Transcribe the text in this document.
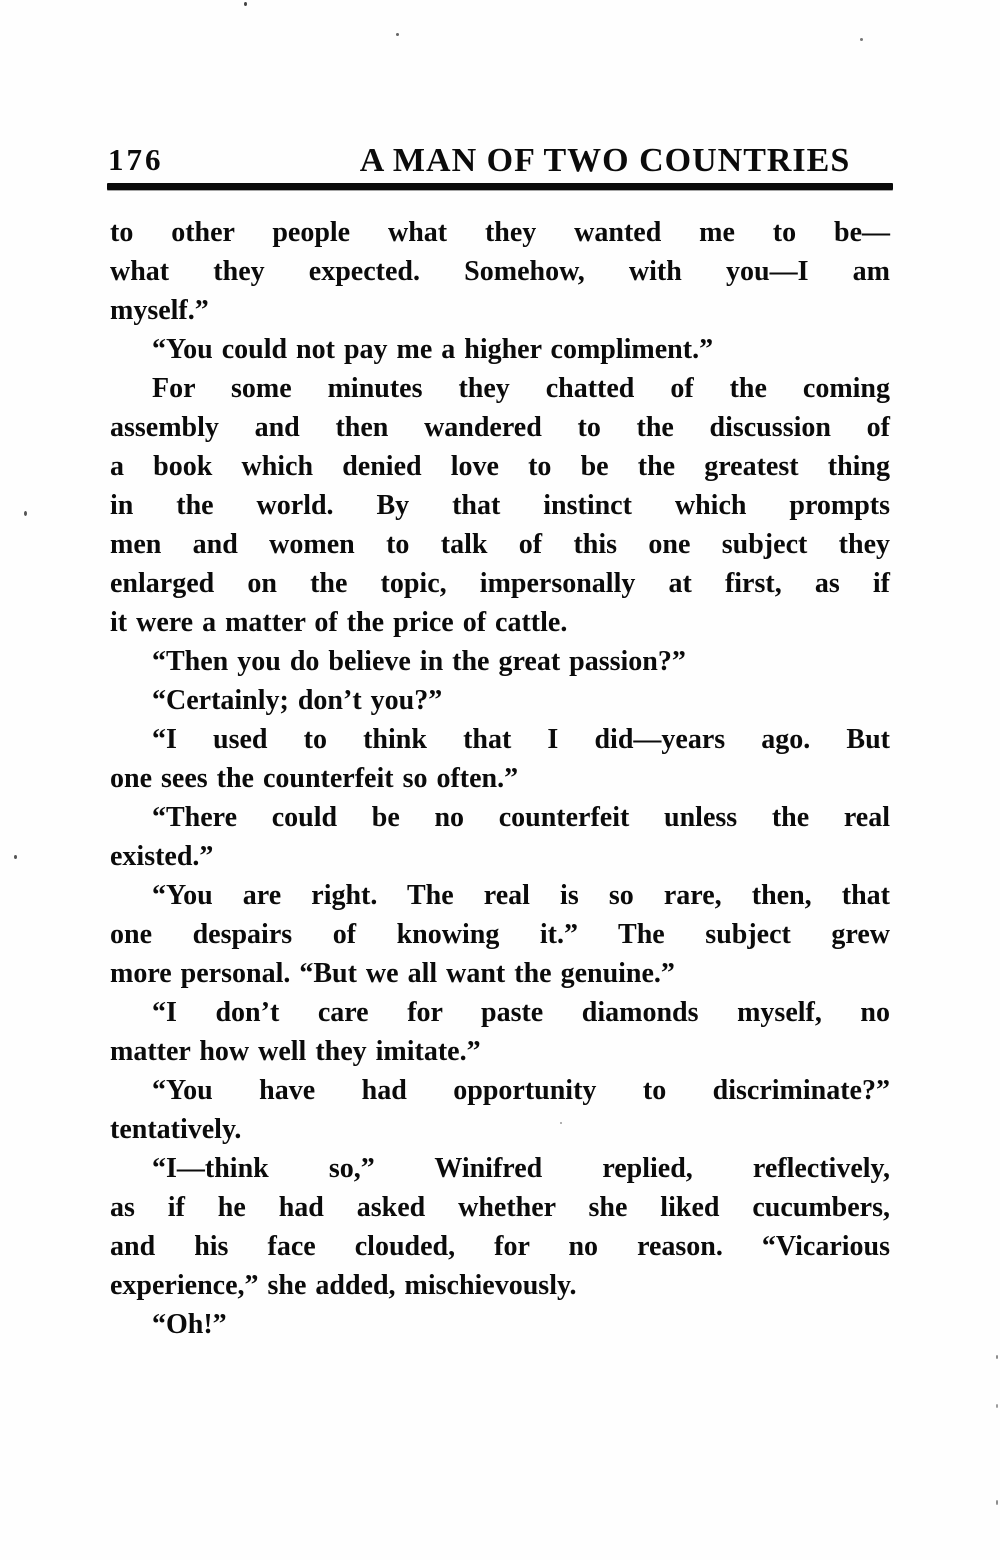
176	A MAN OF TWO COUNTRIES
to other people what they wanted me to be—
what they expected. Somehow, with you—I am
myself.”
“You could not pay me a higher compliment.”
For some minutes they chatted of the coming
assembly and then wandered to the discussion of
a book which denied love to be the greatest thing
in the world. By that instinct which prompts
men and women to talk of this one subject they
enlarged on the topic, impersonally at first, as if
it were a matter of the price of cattle.
“Then you do believe in the great passion?”
“Certainly; don’t you?”
“I used to think that I did—years ago. But
one sees the counterfeit so often.”
“There could be no counterfeit unless the real
existed.”
“You are right. The real is so rare, then, that
one despairs of knowing it.” The subject grew
more personal. “But we all want the genuine.”
“I don’t care for paste diamonds myself, no
matter how well they imitate.”
“You have had opportunity to discriminate?”
tentatively.
“I—think so,” Winifred replied, reflectively,
as if he had asked whether she liked cucumbers,
and his face clouded, for no reason. “Vicarious
experience,” she added, mischievously.
“Oh!”
